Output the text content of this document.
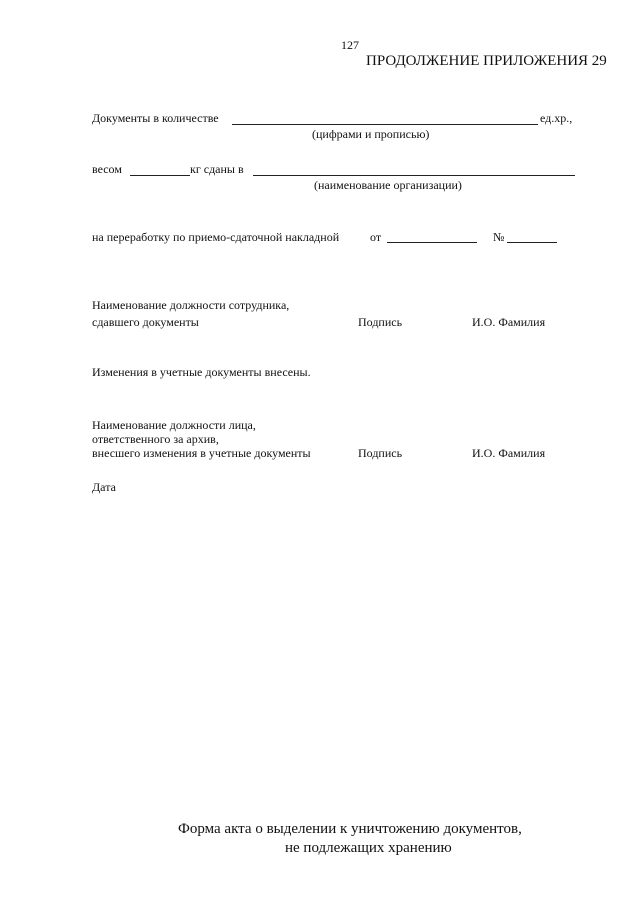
127
ПРОДОЛЖЕНИЕ ПРИЛОЖЕНИЯ 29
Документы в количестве	ед.хр.,
(цифрами и прописью)
весом	кг сданы в
(наименование организации)
на переработку по приемо-сдаточной накладной	от	№
Наименование должности сотрудника,
сдавшего документы	Подпись	И.О. Фамилия
Изменения в учетные документы внесены.
Наименование должности лица,
ответственного за архив,
внесшего изменения в учетные документы	Подпись	И.О. Фамилия
Дата
Форма акта о выделении к уничтожению документов,
не подлежащих хранению
